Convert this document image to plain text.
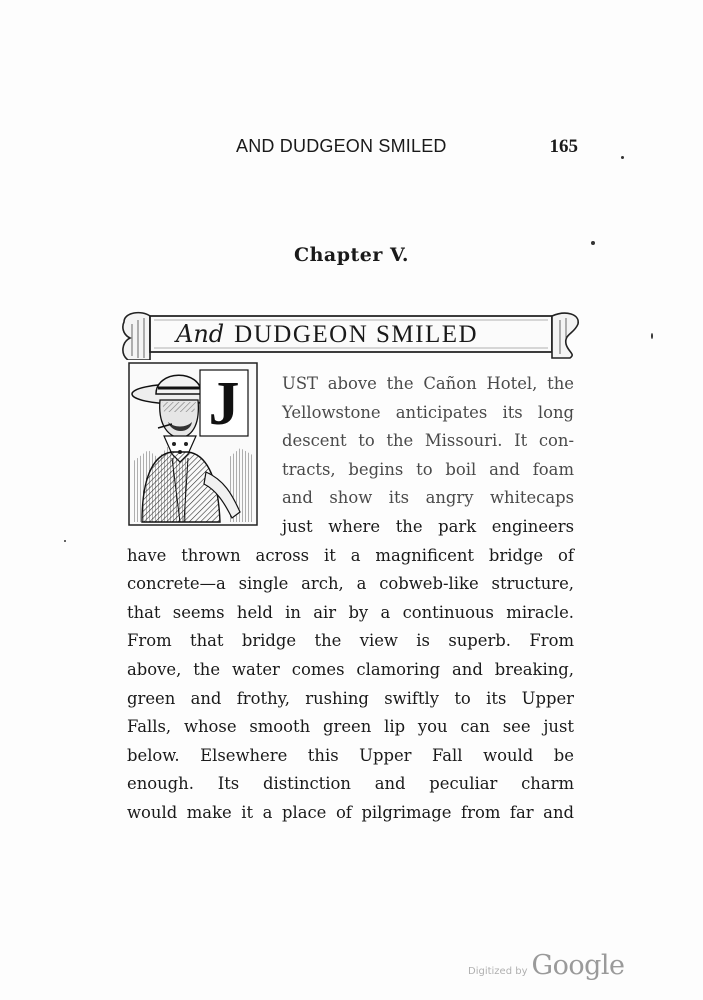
AND DUDGEON SMILED	165
Chapter V.
And DUDGEON SMILED
J	UST above the Cañon Hotel, the
Yellowstone anticipates its long
descent to the Missouri. It con-
tracts, begins to boil and foam
and show its angry whitecaps
just where the park engineers
have thrown across it a magnificent bridge of
concrete—a single arch, a cobweb-like structure,
that seems held in air by a continuous miracle.
From that bridge the view is superb. From
above, the water comes clamoring and breaking,
green and frothy, rushing swiftly to its Upper
Falls, whose smooth green lip you can see just
below. Elsewhere this Upper Fall would be
enough. Its distinction and peculiar charm
would make it a place of pilgrimage from far and
Digitized by Google
